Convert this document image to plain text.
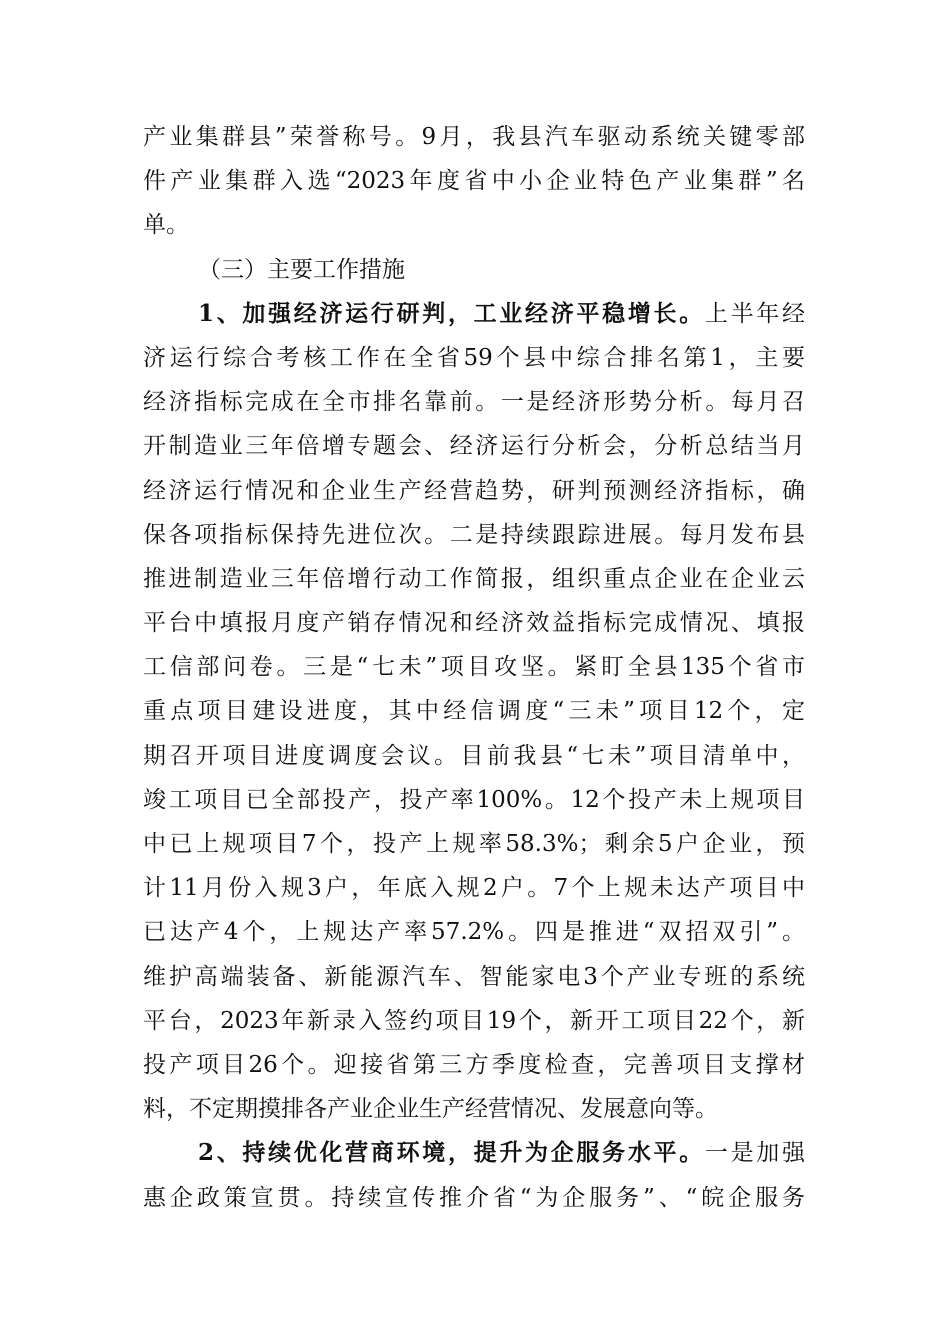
产业集群县”荣誉称号。9月，我县汽车驱动系统关键零部
件产业集群入选“2023年度省中小企业特色产业集群”名
单。
（三）主要工作措施
1、加强经济运行研判，工业经济平稳增长。上半年经
济运行综合考核工作在全省59个县中综合排名第1，主要
经济指标完成在全市排名靠前。一是经济形势分析。每月召
开制造业三年倍增专题会、经济运行分析会，分析总结当月
经济运行情况和企业生产经营趋势，研判预测经济指标，确
保各项指标保持先进位次。二是持续跟踪进展。每月发布县
推进制造业三年倍增行动工作简报，组织重点企业在企业云
平台中填报月度产销存情况和经济效益指标完成情况、填报
工信部问卷。三是“七未”项目攻坚。紧盯全县135个省市
重点项目建设进度，其中经信调度“三未”项目12个，定
期召开项目进度调度会议。目前我县“七未”项目清单中，
竣工项目已全部投产，投产率100%。12个投产未上规项目
中已上规项目7个，投产上规率58.3%；剩余5户企业，预
计11月份入规3户，年底入规2户。7个上规未达产项目中
已达产4个，上规达产率57.2%。四是推进“双招双引”。
维护高端装备、新能源汽车、智能家电3个产业专班的系统
平台，2023年新录入签约项目19个，新开工项目22个，新
投产项目26个。迎接省第三方季度检查，完善项目支撑材
料，不定期摸排各产业企业生产经营情况、发展意向等。
2、持续优化营商环境，提升为企服务水平。一是加强
惠企政策宣贯。持续宣传推介省“为企服务”、“皖企服务
